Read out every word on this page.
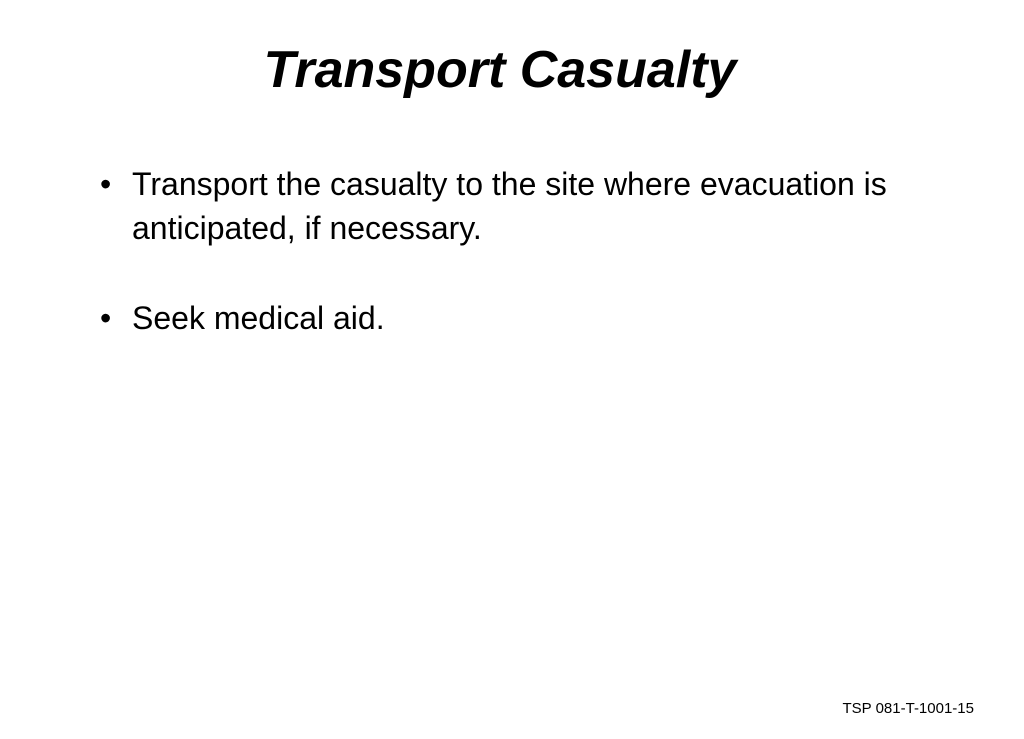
Transport Casualty
• Transport the casualty to the site where evacuation is anticipated, if necessary.
• Seek medical aid.
TSP 081-T-1001-15
